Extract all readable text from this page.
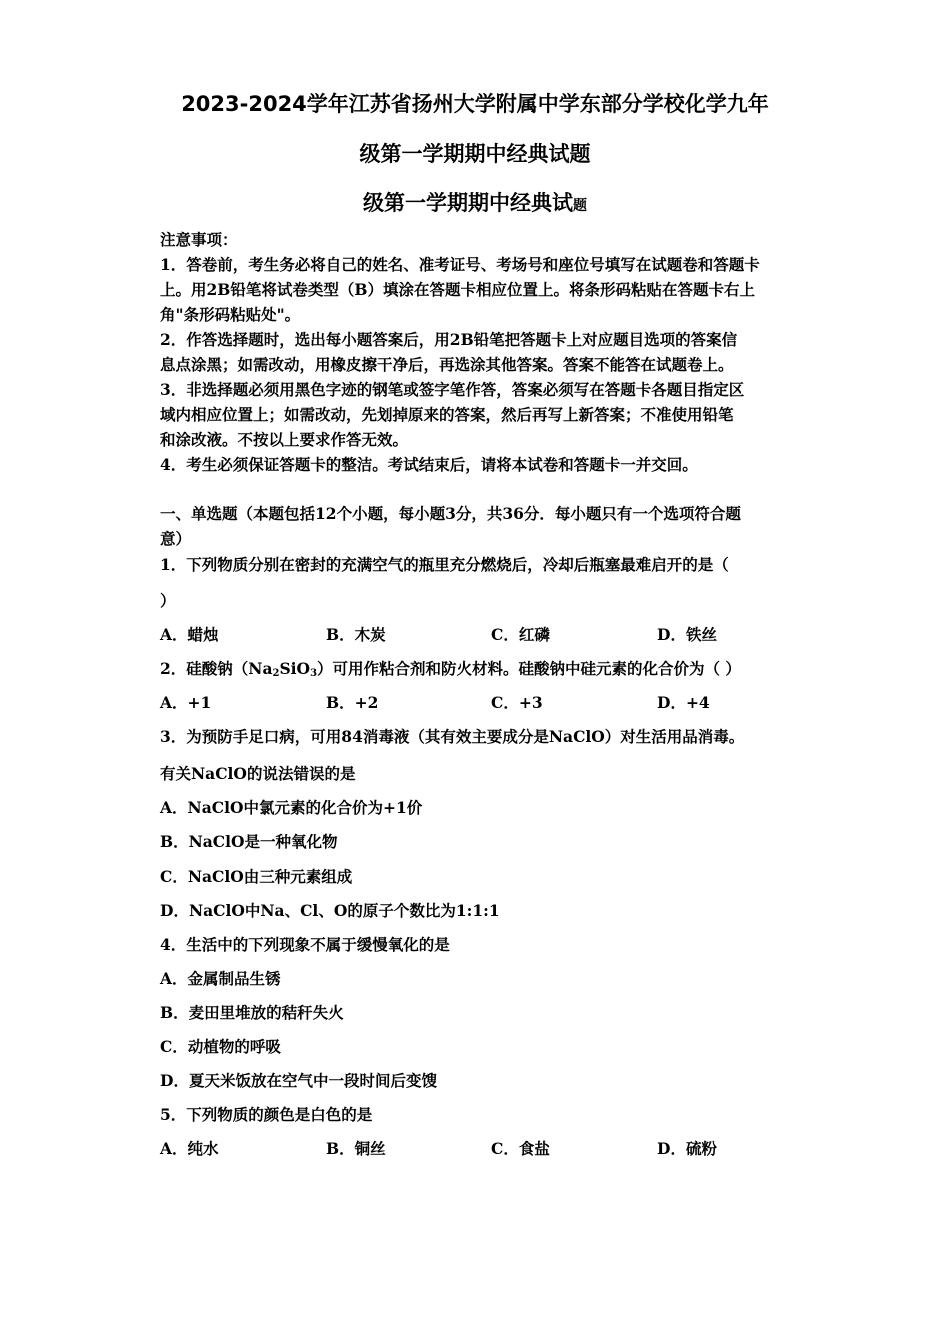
2023-2024学年江苏省扬州大学附属中学东部分学校化学九年
级第一学期期中经典试题
级第一学期期中经典试题
注意事项：
1．答卷前，考生务必将自己的姓名、准考证号、考场号和座位号填写在试题卷和答题卡
上。用2B铅笔将试卷类型（B）填涂在答题卡相应位置上。将条形码粘贴在答题卡右上
角"条形码粘贴处"。
2．作答选择题时，选出每小题答案后，用2B铅笔把答题卡上对应题目选项的答案信
息点涂黑；如需改动，用橡皮擦干净后，再选涂其他答案。答案不能答在试题卷上。
3．非选择题必须用黑色字迹的钢笔或签字笔作答，答案必须写在答题卡各题目指定区
域内相应位置上；如需改动，先划掉原来的答案，然后再写上新答案；不准使用铅笔
和涂改液。不按以上要求作答无效。
4．考生必须保证答题卡的整洁。考试结束后，请将本试卷和答题卡一并交回。
一、单选题（本题包括12个小题，每小题3分，共36分．每小题只有一个选项符合题
意）
1．下列物质分别在密封的充满空气的瓶里充分燃烧后，冷却后瓶塞最难启开的是（
）
A．蜡烛	B．木炭	C．红磷	D．铁丝
2．硅酸钠$(Na_2SiO_3)$可用作粘合剂和防火材料。硅酸钠中硅元素的化合价为（ ）
A．+1	B．+2	C．+3	D．+4
3．为预防手足口病，可用84消毒液（其有效主要成分是NaClO）对生活用品消毒。
有关NaClO的说法错误的是
A．NaClO中氯元素的化合价为+1价
B．NaClO是一种氧化物
C．NaClO由三种元素组成
D．NaClO中Na、Cl、O的原子个数比为1:1:1
4．生活中的下列现象不属于缓慢氧化的是
A．金属制品生锈
B．麦田里堆放的秸秆失火
C．动植物的呼吸
D．夏天米饭放在空气中一段时间后变馊
5．下列物质的颜色是白色的是
A．纯水	B．铜丝	C．食盐	D．硫粉
